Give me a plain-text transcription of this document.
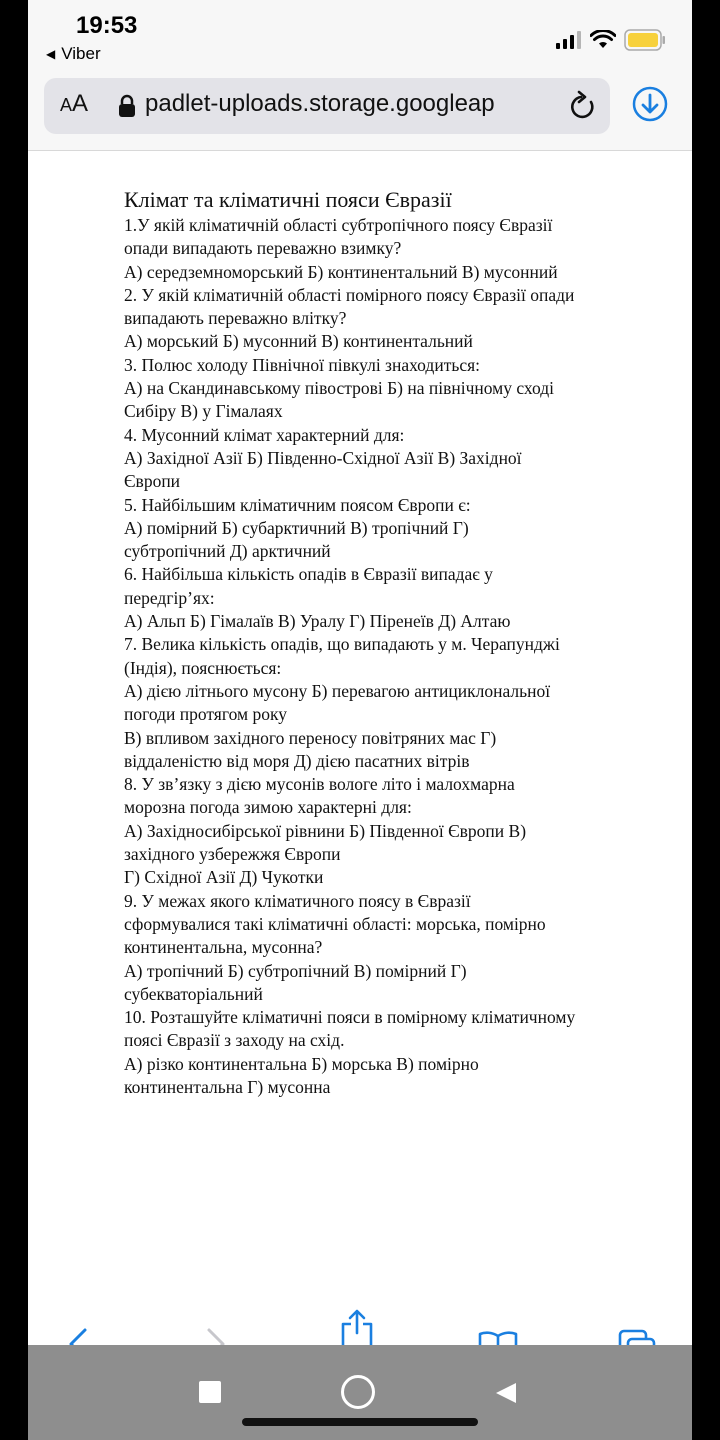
19:53
◀ Viber
AA padlet-uploads.storage.googleap
Клімат та кліматичні пояси Євразії
1.У якій кліматичній області субтропічного поясу Євразії
опади випадають переважно взимку?
А) середземноморський Б) континентальний В) мусонний
2. У якій кліматичній області помірного поясу Євразії опади
випадають переважно влітку?
А) морський Б) мусонний В) континентальний
3. Полюс холоду Північної півкулі знаходиться:
А) на Скандинавському півострові Б) на північному сході
Сибіру В) у Гімалаях
4. Мусонний клімат характерний для:
А) Західної Азії Б) Південно-Східної Азії В) Західної
Європи
5. Найбільшим кліматичним поясом Європи є:
А) помірний Б) субарктичний В) тропічний Г)
субтропічний Д) арктичний
6. Найбільша кількість опадів в Євразії випадає у
передгір’ях:
А) Альп Б) Гімалаїв В) Уралу Г) Піренеїв Д) Алтаю
7. Велика кількість опадів, що випадають у м. Черапунджі
(Індія), пояснюється:
А) дією літнього мусону Б) перевагою антициклональної
погоди протягом року
В) впливом західного переносу повітряних мас Г)
віддаленістю від моря Д) дією пасатних вітрів
8. У зв’язку з дією мусонів вологе літо і малохмарна
морозна погода зимою характерні для:
А) Західносибірської рівнини Б) Південної Європи В)
західного узбережжя Європи
Г) Східної Азії Д) Чукотки
9. У межах якого кліматичного поясу в Євразії
сформувалися такі кліматичні області: морська, помірно
континентальна, мусонна?
А) тропічний Б) субтропічний В) помірний Г)
субекваторіальний
10. Розташуйте кліматичні пояси в помірному кліматичному
поясі Євразії з заходу на схід.
А) різко континентальна Б) морська В) помірно
континентальна Г) мусонна
